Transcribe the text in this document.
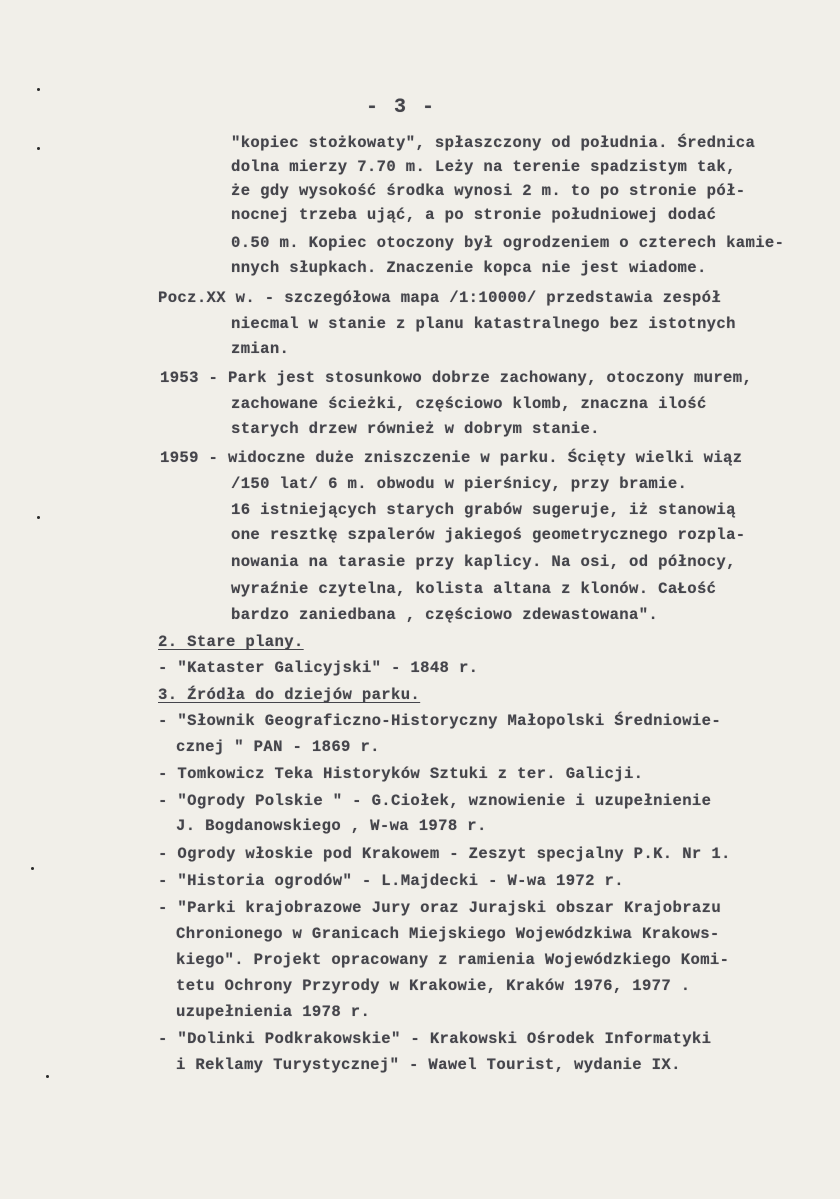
- 3 -
"kopiec stożkowaty", spłaszczony od południa. Średnica
dolna mierzy 7.70 m. Leży na terenie spadzistym tak,
że gdy wysokość środka wynosi 2 m. to po stronie pół-
nocnej trzeba ująć, a po stronie południowej dodać
0.50 m. Kopiec otoczony był ogrodzeniem o czterech kamie-
nnych słupkach. Znaczenie kopca nie jest wiadome.
Pocz.XX w. - szczegółowa mapa /1:10000/ przedstawia zespół
niecmal w stanie z planu katastralnego bez istotnych
zmian.
1953 - Park jest stosunkowo dobrze zachowany, otoczony murem,
zachowane ścieżki, częściowo klomb, znaczna ilość
starych drzew również w dobrym stanie.
1959 - widoczne duże zniszczenie w parku. Ścięty wielki wiąz
/150 lat/ 6 m. obwodu w pierśnicy, przy bramie.
16 istniejących starych grabów sugeruje, iż stanowią
one resztkę szpalerów jakiegoś geometrycznego rozpla-
nowania na tarasie przy kaplicy. Na osi, od północy,
wyraźnie czytelna, kolista altana z klonów. CaŁość
bardzo zaniedbana , częściowo zdewastowana".
2. Stare plany.
- "Kataster Galicyjski" - 1848 r.
3. Źródła do dziejów parku.
- "Słownik Geograficzno-Historyczny Małopolski Średniowie-
cznej " PAN - 1869 r.
- Tomkowicz Teka Historyków Sztuki z ter. Galicji.
- "Ogrody Polskie " - G.Ciołek, wznowienie i uzupełnienie
J. Bogdanowskiego , W-wa 1978 r.
- Ogrody włoskie pod Krakowem - Zeszyt specjalny P.K. Nr 1.
- "Historia ogrodów" - L.Majdecki - W-wa 1972 r.
- "Parki krajobrazowe Jury oraz Jurajski obszar Krajobrazu
Chronionego w Granicach Miejskiego Wojewódzkiwa Krakows-
kiego". Projekt opracowany z ramienia Wojewódzkiego Komi-
tetu Ochrony Przyrody w Krakowie, Kraków 1976, 1977 .
uzupełnienia 1978 r.
- "Dolinki Podkrakowskie" - Krakowski Ośrodek Informatyki
i Reklamy Turystycznej" - Wawel Tourist, wydanie IX.
